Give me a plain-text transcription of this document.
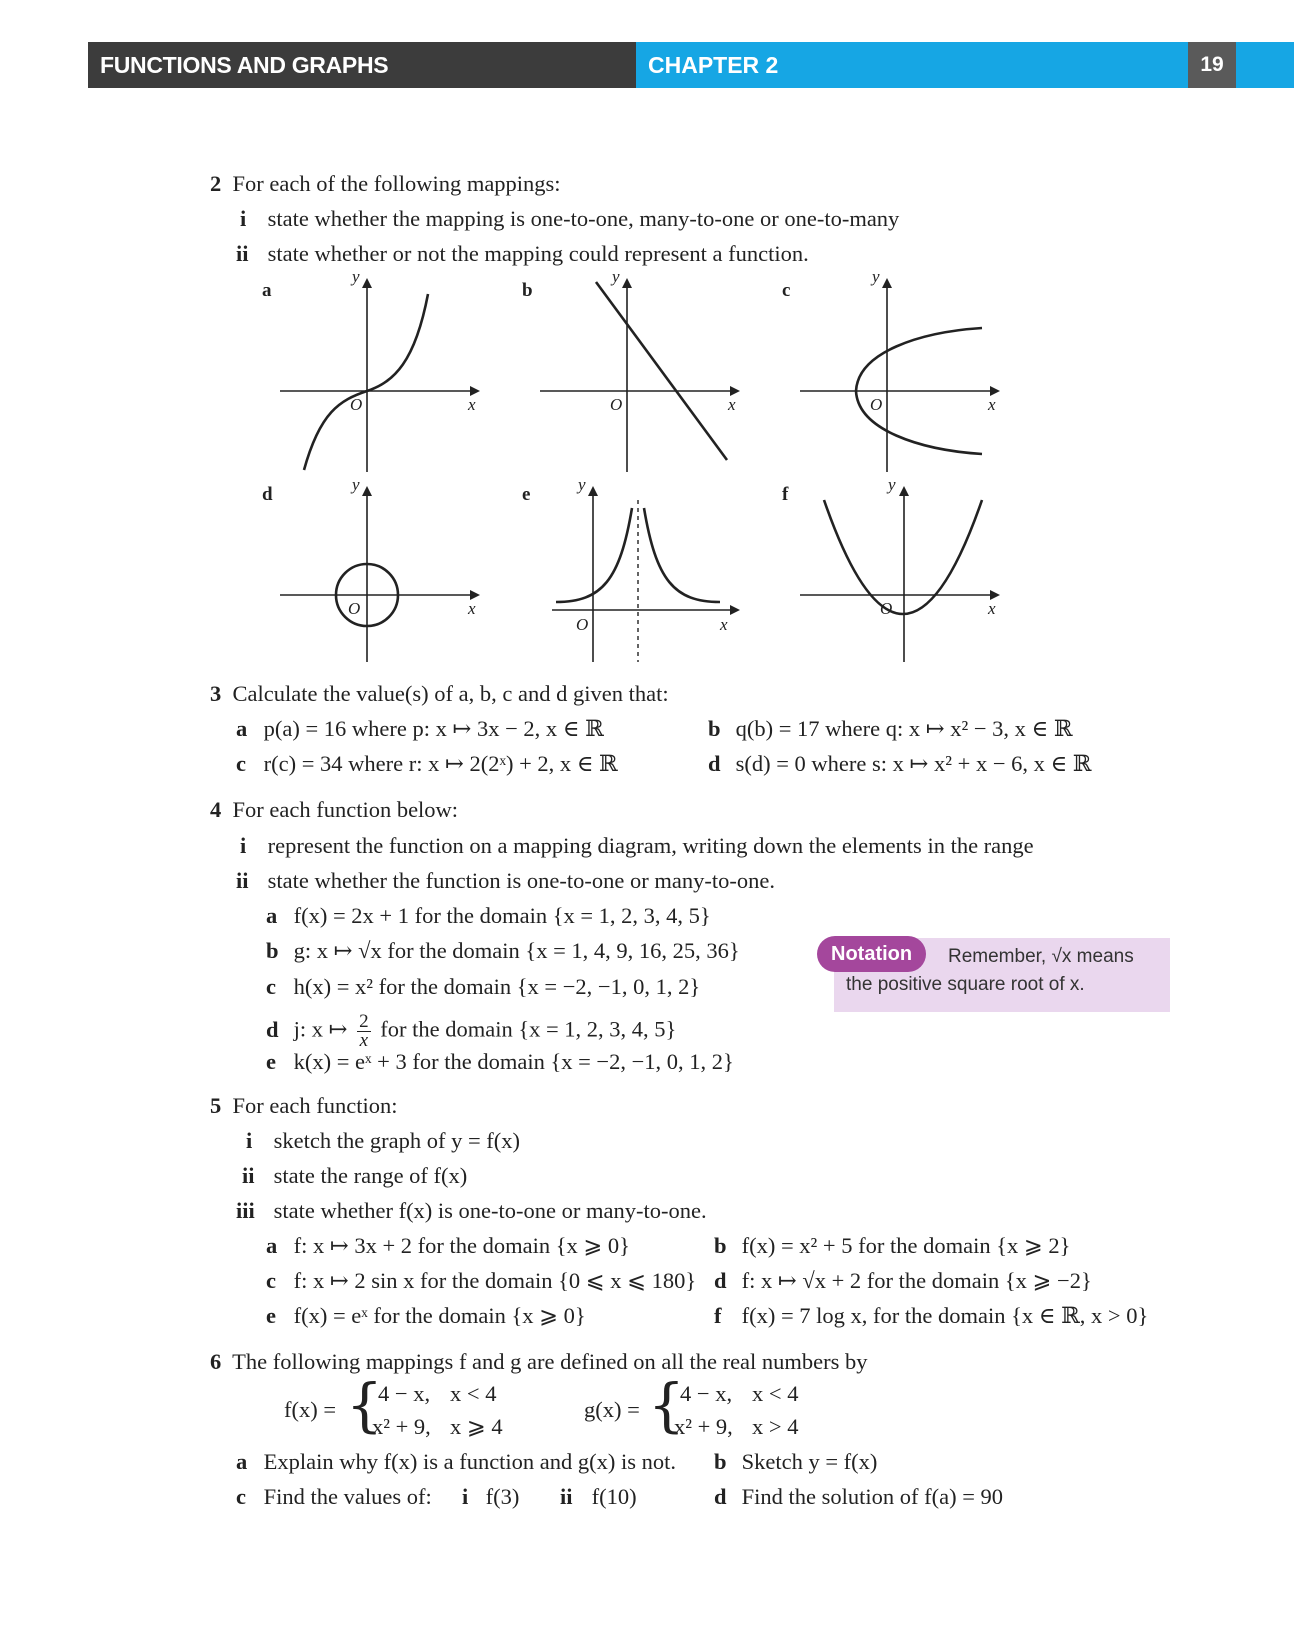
FUNCTIONS AND GRAPHS	CHAPTER 2	19
2 For each of the following mappings:
i state whether the mapping is one-to-one, many-to-one or one-to-many
ii state whether or not the mapping could represent a function.
a	b	c
d	e	f
y
x
O
y
x
O
y
x
O
y
x
O
y
x
O
y
x
O
3 Calculate the value(s) of a, b, c and d given that:
a p(a) = 16 where p: x ↦ 3x − 2, x ∈ ℝ	b q(b) = 17 where q: x ↦ x² − 3, x ∈ ℝ
c r(c) = 34 where r: x ↦ 2(2ˣ) + 2, x ∈ ℝ	d s(d) = 0 where s: x ↦ x² + x − 6, x ∈ ℝ
4 For each function below:
i represent the function on a mapping diagram, writing down the elements in the range
ii state whether the function is one-to-one or many-to-one.
a f(x) = 2x + 1 for the domain {x = 1, 2, 3, 4, 5}
b g: x ↦ √x for the domain {x = 1, 4, 9, 16, 25, 36}
c h(x) = x² for the domain {x = −2, −1, 0, 1, 2}
d j: x ↦ $\frac{2}{x}$ for the domain {x = 1, 2, 3, 4, 5}
e k(x) = eˣ + 3 for the domain {x = −2, −1, 0, 1, 2}
Notation	Remember, √x means
the positive square root of x.
5 For each function:
i sketch the graph of y = f(x)
ii state the range of f(x)
iii state whether f(x) is one-to-one or many-to-one.
a f: x ↦ 3x + 2 for the domain {x ⩾ 0}	b f(x) = x² + 5 for the domain {x ⩾ 2}
c f: x ↦ 2 sin x for the domain {0 ⩽ x ⩽ 180} d f: x ↦ √x + 2 for the domain {x ⩾ −2}
e f(x) = eˣ for the domain {x ⩾ 0}	f f(x) = 7 log x, for the domain {x ∈ ℝ, x > 0}
6 The following mappings f and g are defined on all the real numbers by
f(x) = {
4 − x, x < 4
x² + 9, x ⩾ 4
g(x) = {
4 − x, x < 4
x² + 9, x > 4
a Explain why f(x) is a function and g(x) is not. b Sketch y = f(x)
c Find the values of: i f(3) ii f(10)	d Find the solution of f(a) = 90
